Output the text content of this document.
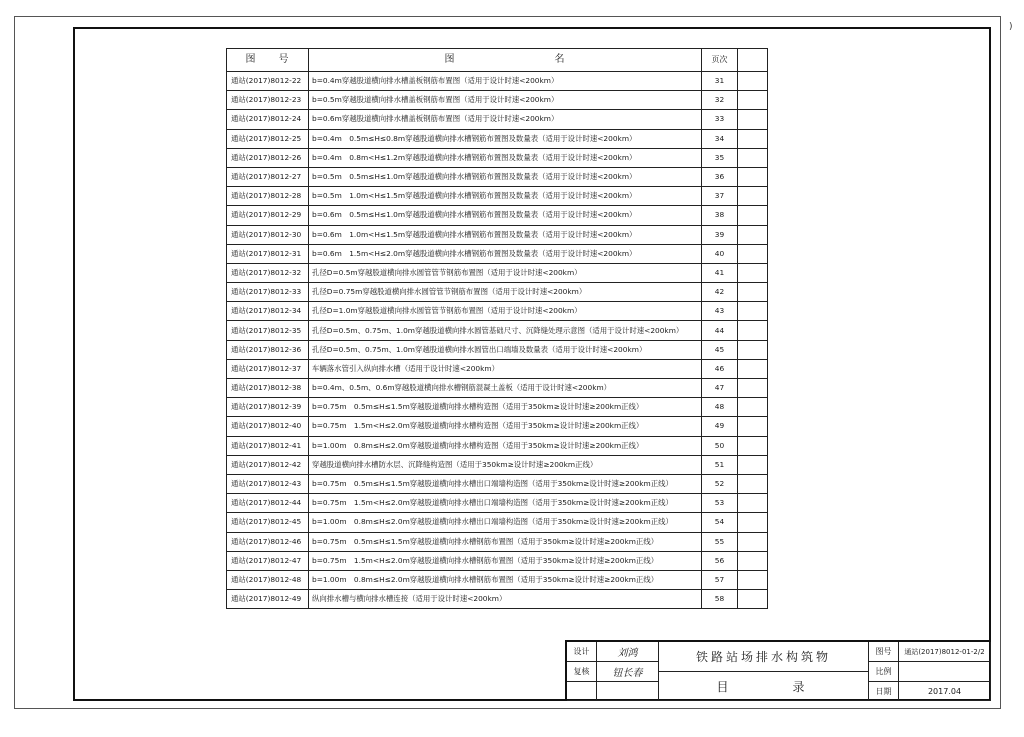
)
图　　号	图　　　　　　　　　名	页次	
通站(2017)8012-22	b=0.4m穿越股道横向排水槽盖板钢筋布置图（适用于设计时速<200km）	31	
通站(2017)8012-23	b=0.5m穿越股道横向排水槽盖板钢筋布置图（适用于设计时速<200km）	32	
通站(2017)8012-24	b=0.6m穿越股道横向排水槽盖板钢筋布置图（适用于设计时速<200km）	33	
通站(2017)8012-25	b=0.4m　0.5m≤H≤0.8m穿越股道横向排水槽钢筋布置图及数量表（适用于设计时速<200km）	34	
通站(2017)8012-26	b=0.4m　0.8m<H≤1.2m穿越股道横向排水槽钢筋布置图及数量表（适用于设计时速<200km）	35	
通站(2017)8012-27	b=0.5m　0.5m≤H≤1.0m穿越股道横向排水槽钢筋布置图及数量表（适用于设计时速<200km）	36	
通站(2017)8012-28	b=0.5m　1.0m<H≤1.5m穿越股道横向排水槽钢筋布置图及数量表（适用于设计时速<200km）	37	
通站(2017)8012-29	b=0.6m　0.5m≤H≤1.0m穿越股道横向排水槽钢筋布置图及数量表（适用于设计时速<200km）	38	
通站(2017)8012-30	b=0.6m　1.0m<H≤1.5m穿越股道横向排水槽钢筋布置图及数量表（适用于设计时速<200km）	39	
通站(2017)8012-31	b=0.6m　1.5m<H≤2.0m穿越股道横向排水槽钢筋布置图及数量表（适用于设计时速<200km）	40	
通站(2017)8012-32	孔径D=0.5m穿越股道横向排水圆管管节钢筋布置图（适用于设计时速<200km）	41	
通站(2017)8012-33	孔径D=0.75m穿越股道横向排水圆管管节钢筋布置图（适用于设计时速<200km）	42	
通站(2017)8012-34	孔径D=1.0m穿越股道横向排水圆管管节钢筋布置图（适用于设计时速<200km）	43	
通站(2017)8012-35	孔径D=0.5m、0.75m、1.0m穿越股道横向排水圆管基础尺寸、沉降缝处理示意图（适用于设计时速<200km）	44	
通站(2017)8012-36	孔径D=0.5m、0.75m、1.0m穿越股道横向排水圆管出口端墙及数量表（适用于设计时速<200km）	45	
通站(2017)8012-37	车辆落水管引入纵向排水槽（适用于设计时速<200km）	46	
通站(2017)8012-38	b=0.4m、0.5m、0.6m穿越股道横向排水槽钢筋混凝土盖板（适用于设计时速<200km）	47	
通站(2017)8012-39	b=0.75m　0.5m≤H≤1.5m穿越股道横向排水槽构造图（适用于350km≥设计时速≥200km正线）	48	
通站(2017)8012-40	b=0.75m　1.5m<H≤2.0m穿越股道横向排水槽构造图（适用于350km≥设计时速≥200km正线）	49	
通站(2017)8012-41	b=1.00m　0.8m≤H≤2.0m穿越股道横向排水槽构造图（适用于350km≥设计时速≥200km正线）	50	
通站(2017)8012-42	穿越股道横向排水槽防水层、沉降缝构造图（适用于350km≥设计时速≥200km正线）	51	
通站(2017)8012-43	b=0.75m　0.5m≤H≤1.5m穿越股道横向排水槽出口端墙构造图（适用于350km≥设计时速≥200km正线）	52	
通站(2017)8012-44	b=0.75m　1.5m<H≤2.0m穿越股道横向排水槽出口端墙构造图（适用于350km≥设计时速≥200km正线）	53	
通站(2017)8012-45	b=1.00m　0.8m≤H≤2.0m穿越股道横向排水槽出口端墙构造图（适用于350km≥设计时速≥200km正线）	54	
通站(2017)8012-46	b=0.75m　0.5m≤H≤1.5m穿越股道横向排水槽钢筋布置图（适用于350km≥设计时速≥200km正线）	55	
通站(2017)8012-47	b=0.75m　1.5m<H≤2.0m穿越股道横向排水槽钢筋布置图（适用于350km≥设计时速≥200km正线）	56	
通站(2017)8012-48	b=1.00m　0.8m≤H≤2.0m穿越股道横向排水槽钢筋布置图（适用于350km≥设计时速≥200km正线）	57	
通站(2017)8012-49	纵向排水槽与横向排水槽连接（适用于设计时速<200km）	58	
设计	刘鸿
复核	钮长春
铁路站场排水构筑物
目　录
图号	通站(2017)8012-01-2/2
比例
日期	2017.04
